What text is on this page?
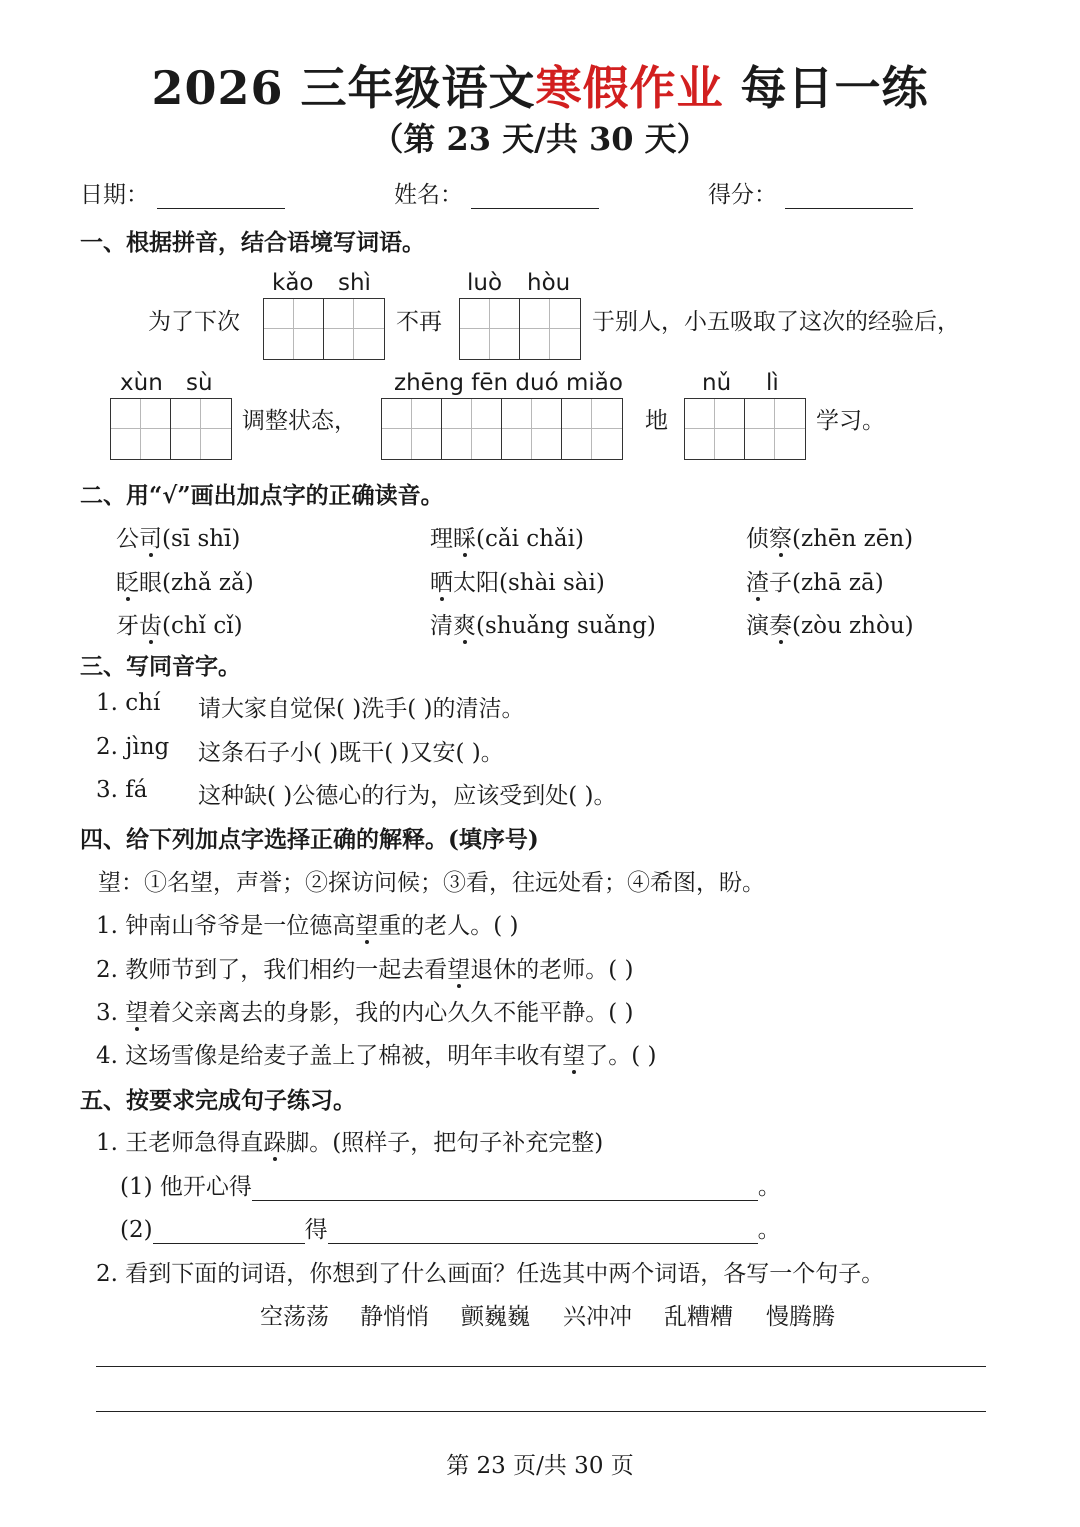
2026 三年级语文寒假作业 每日一练
（第 23 天/共 30 天）
日期：	姓名：	得分：
一、根据拼音，结合语境写词语。
kǎo shì	luò hòu
为了下次	不再	于别人，小五吸取了这次的经验后，
xùn sù	zhēng fēn duó miǎo	nǔ lì
调整状态，	地	学习。
二、用“√”画出加点字的正确读音。
公司(sī shī)	理睬(cǎi chǎi)	侦察(zhēn zēn)
眨眼(zhǎ zǎ)	晒太阳(shài sài)	渣子(zhā zā)
牙齿(chǐ cǐ)	清爽(shuǎng suǎng)	演奏(zòu zhòu)
三、写同音字。
1. chí 请大家自觉保( )洗手( )的清洁。
2. jìng 这条石子小( )既干( )又安( )。
3. fá 这种缺( )公德心的行为，应该受到处( )。
四、给下列加点字选择正确的解释。(填序号)
望：①名望，声誉；②探访问候；③看，往远处看；④希图，盼。
1. 钟南山爷爷是一位德高望重的老人。( )
2. 教师节到了，我们相约一起去看望退休的老师。( )
3. 望着父亲离去的身影，我的内心久久不能平静。( )
4. 这场雪像是给麦子盖上了棉被，明年丰收有望了。( )
五、按要求完成句子练习。
1. 王老师急得直跺脚。(照样子，把句子补充完整)
(1) 他开心得	。
(2)	得	。
2. 看到下面的词语，你想到了什么画面？任选其中两个词语，各写一个句子。
空荡荡 静悄悄 颤巍巍 兴冲冲 乱糟糟 慢腾腾
第 23 页/共 30 页
